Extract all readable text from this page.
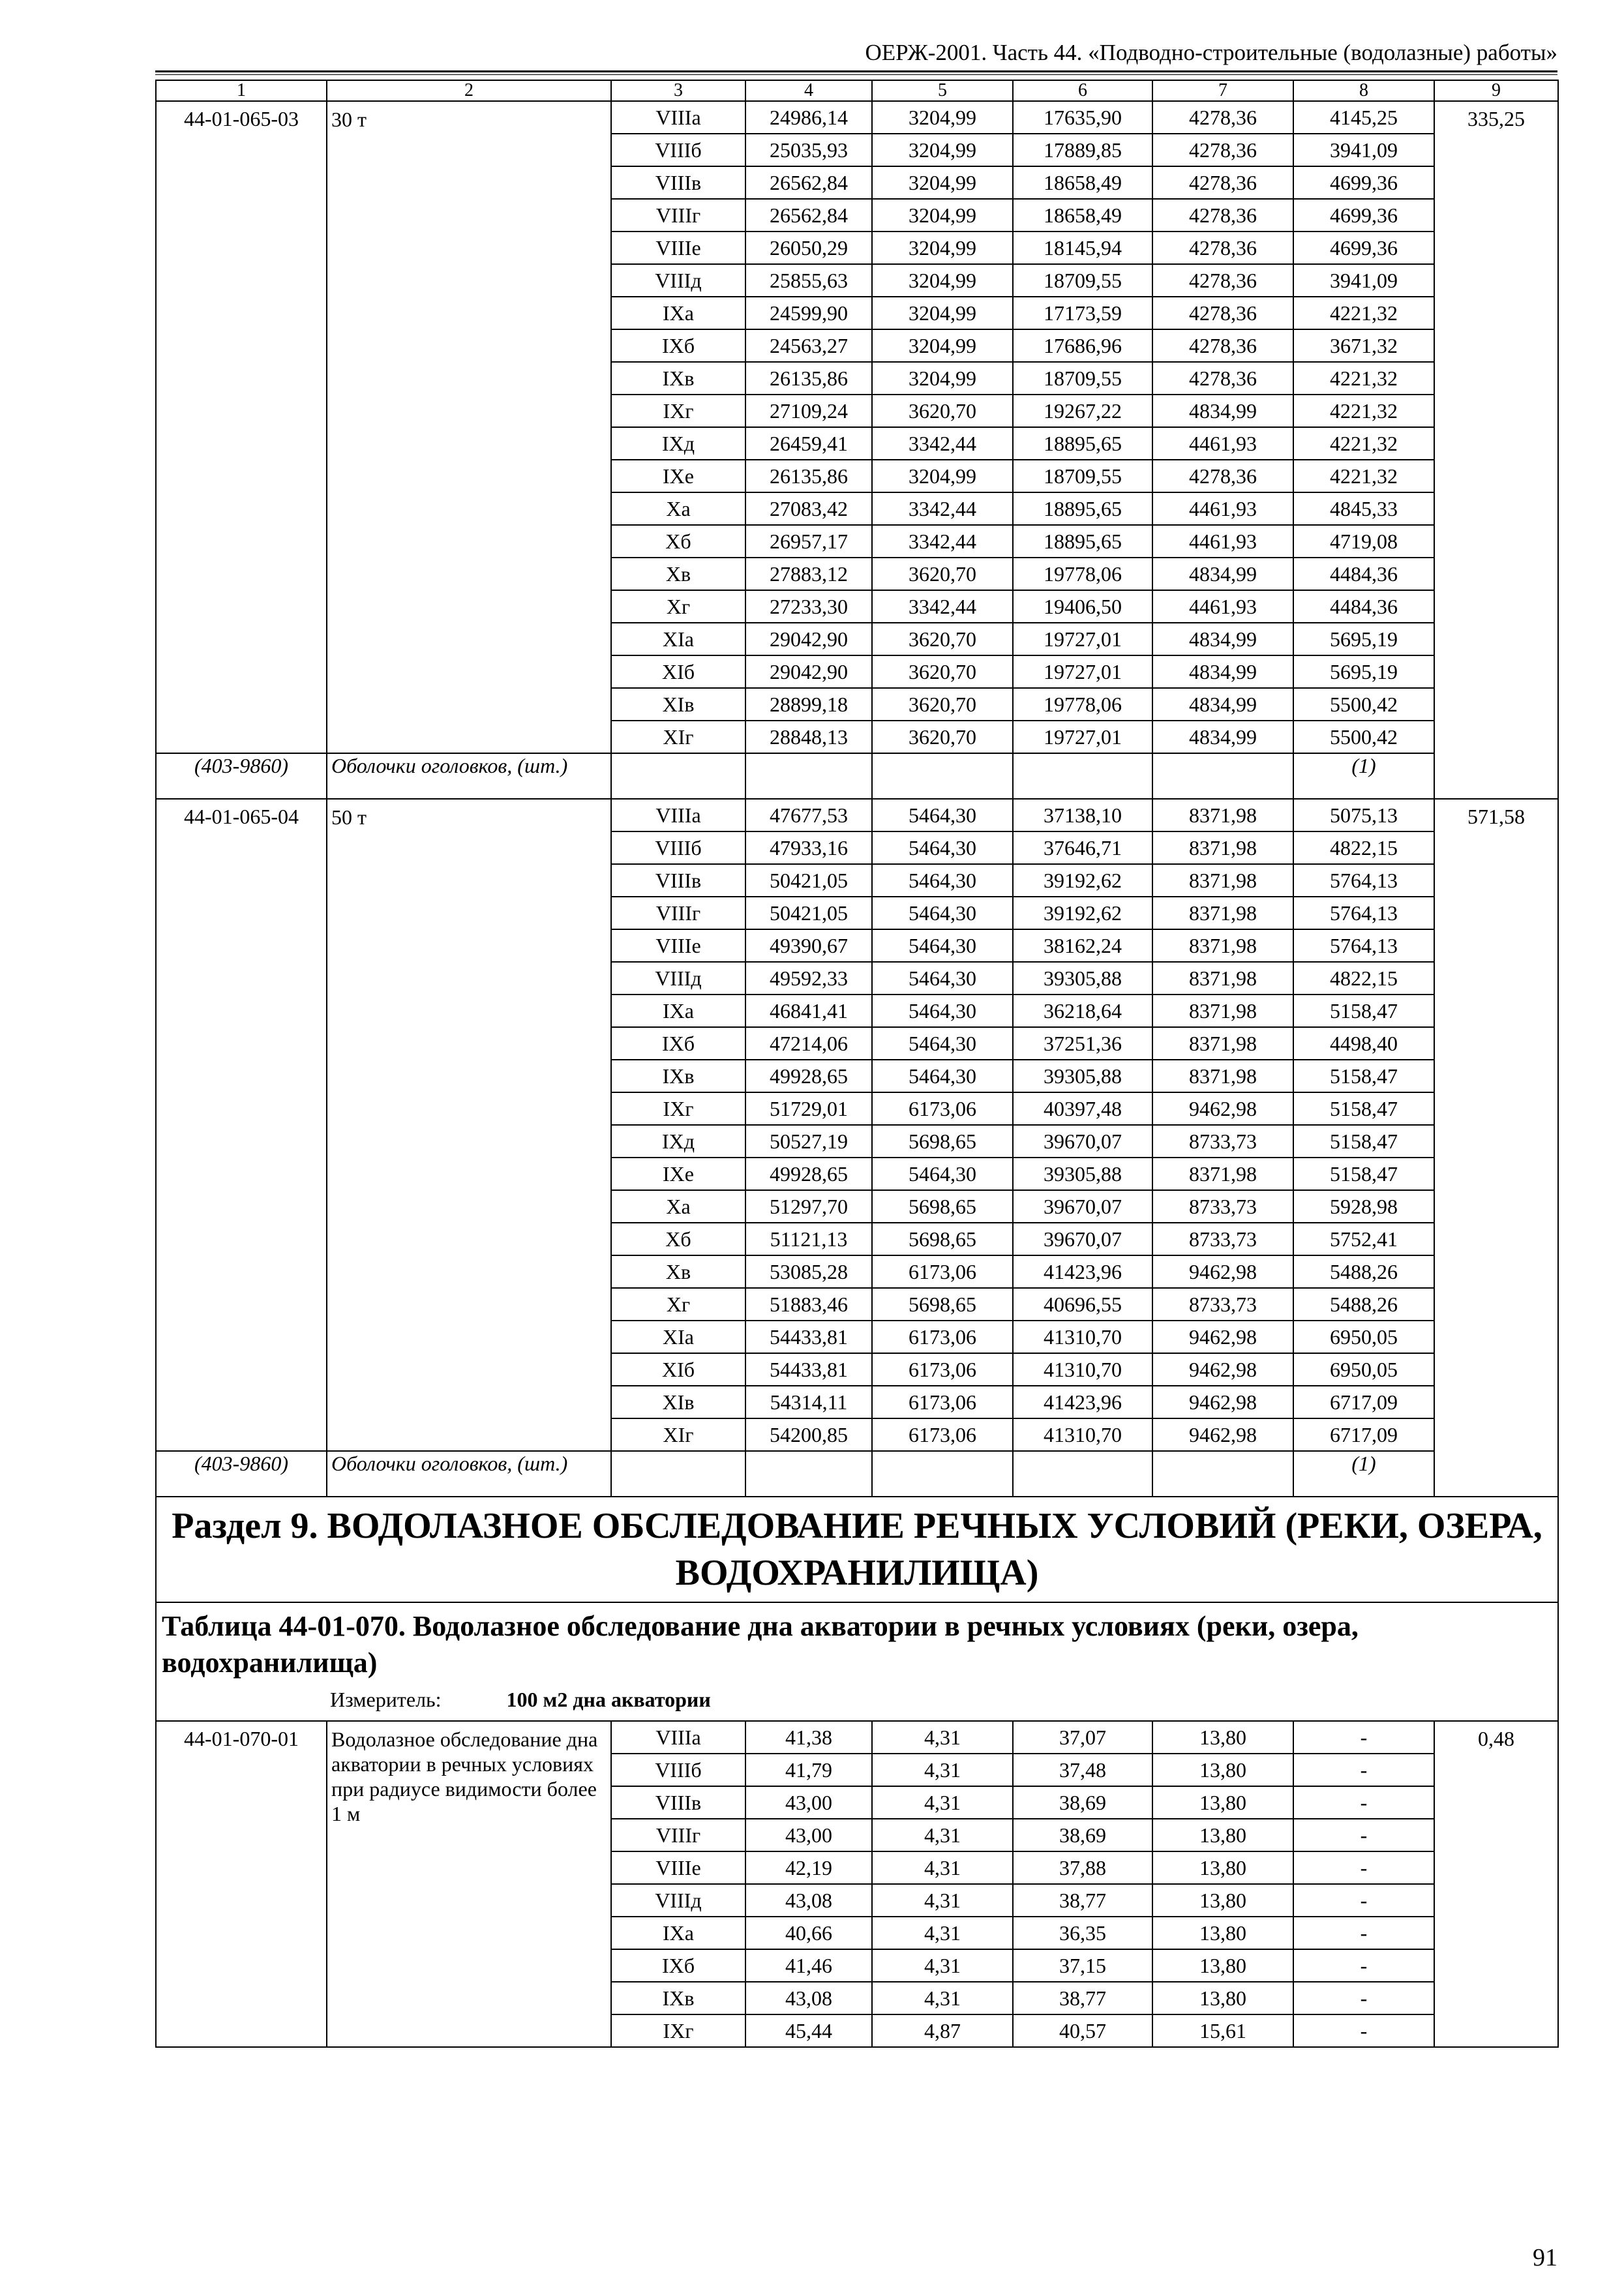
ОЕРЖ-2001. Часть 44. «Подводно-строительные (водолазные) работы»
1	2	3	4	5	6	7	8	9
44-01-065-03	30 т	VIIIа	24986,14	3204,99	17635,90	4278,36	4145,25	335,25
		VIIIб	25035,93	3204,99	17889,85	4278,36	3941,09	
		VIIIв	26562,84	3204,99	18658,49	4278,36	4699,36	
		VIIIг	26562,84	3204,99	18658,49	4278,36	4699,36	
		VIIIе	26050,29	3204,99	18145,94	4278,36	4699,36	
		VIIIд	25855,63	3204,99	18709,55	4278,36	3941,09	
		IXа	24599,90	3204,99	17173,59	4278,36	4221,32	
		IXб	24563,27	3204,99	17686,96	4278,36	3671,32	
		IXв	26135,86	3204,99	18709,55	4278,36	4221,32	
		IXг	27109,24	3620,70	19267,22	4834,99	4221,32	
		IXд	26459,41	3342,44	18895,65	4461,93	4221,32	
		IXе	26135,86	3204,99	18709,55	4278,36	4221,32	
		Xа	27083,42	3342,44	18895,65	4461,93	4845,33	
		Xб	26957,17	3342,44	18895,65	4461,93	4719,08	
		Xв	27883,12	3620,70	19778,06	4834,99	4484,36	
		Xг	27233,30	3342,44	19406,50	4461,93	4484,36	
		XIа	29042,90	3620,70	19727,01	4834,99	5695,19	
		XIб	29042,90	3620,70	19727,01	4834,99	5695,19	
		XIв	28899,18	3620,70	19778,06	4834,99	5500,42	
		XIг	28848,13	3620,70	19727,01	4834,99	5500,42	
(403-9860)	Оболочки оголовков, (шт.)						(1)	
44-01-065-04	50 т	VIIIа	47677,53	5464,30	37138,10	8371,98	5075,13	571,58
		VIIIб	47933,16	5464,30	37646,71	8371,98	4822,15	
		VIIIв	50421,05	5464,30	39192,62	8371,98	5764,13	
		VIIIг	50421,05	5464,30	39192,62	8371,98	5764,13	
		VIIIе	49390,67	5464,30	38162,24	8371,98	5764,13	
		VIIIд	49592,33	5464,30	39305,88	8371,98	4822,15	
		IXа	46841,41	5464,30	36218,64	8371,98	5158,47	
		IXб	47214,06	5464,30	37251,36	8371,98	4498,40	
		IXв	49928,65	5464,30	39305,88	8371,98	5158,47	
		IXг	51729,01	6173,06	40397,48	9462,98	5158,47	
		IXд	50527,19	5698,65	39670,07	8733,73	5158,47	
		IXе	49928,65	5464,30	39305,88	8371,98	5158,47	
		Xа	51297,70	5698,65	39670,07	8733,73	5928,98	
		Xб	51121,13	5698,65	39670,07	8733,73	5752,41	
		Xв	53085,28	6173,06	41423,96	9462,98	5488,26	
		Xг	51883,46	5698,65	40696,55	8733,73	5488,26	
		XIа	54433,81	6173,06	41310,70	9462,98	6950,05	
		XIб	54433,81	6173,06	41310,70	9462,98	6950,05	
		XIв	54314,11	6173,06	41423,96	9462,98	6717,09	
		XIг	54200,85	6173,06	41310,70	9462,98	6717,09	
(403-9860)	Оболочки оголовков, (шт.)						(1)	
Раздел 9. ВОДОЛАЗНОЕ ОБСЛЕДОВАНИЕ РЕЧНЫХ УСЛОВИЙ (РЕКИ, ОЗЕРА, ВОДОХРАНИЛИЩА)								

Таблица 44-01-070. Водолазное обследование дна акватории в речных условиях (реки, озера, водохранилища)
Измеритель: 100 м2 дна акватории								

44-01-070-01	Водолазное обследование дна акватории в речных условиях при радиусе видимости более 1 м	VIIIа	41,38	4,31	37,07	13,80	-	0,48
		VIIIб	41,79	4,31	37,48	13,80	-	
		VIIIв	43,00	4,31	38,69	13,80	-	
		VIIIг	43,00	4,31	38,69	13,80	-	
		VIIIе	42,19	4,31	37,88	13,80	-	
		VIIIд	43,08	4,31	38,77	13,80	-	
		IXа	40,66	4,31	36,35	13,80	-	
		IXб	41,46	4,31	37,15	13,80	-	
		IXв	43,08	4,31	38,77	13,80	-	
		IXг	45,44	4,87	40,57	15,61	-	
91
